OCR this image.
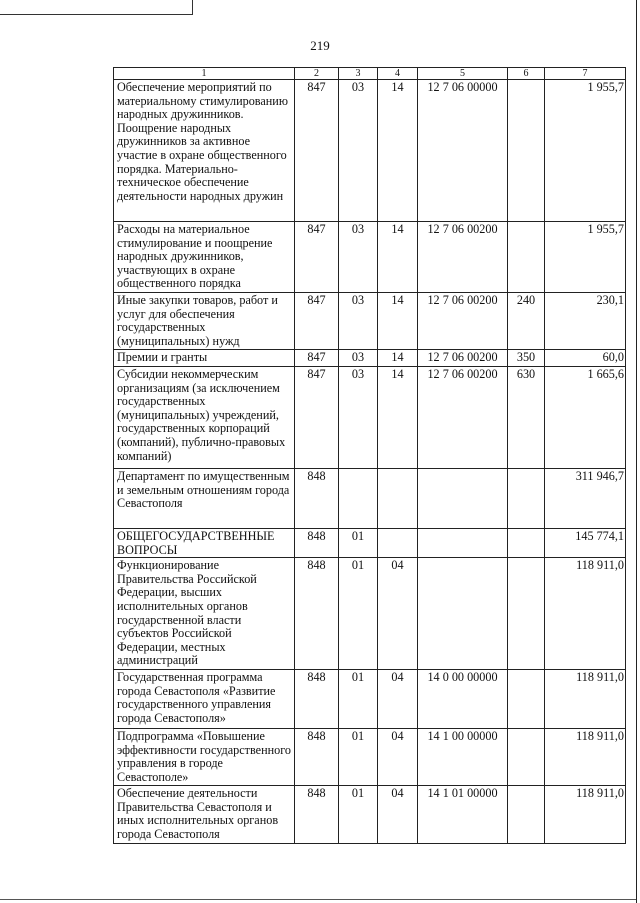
219
1	2	3	4	5	6	7
Обеспечение мероприятий по материальному стимулированию народных дружинников. Поощрение народных дружинников за активное участие в охране общественного порядка. Материально-техническое обеспечение деятельности народных дружин	847	03	14	12 7 06 00000		1 955,7
Расходы на материальное стимулирование и поощрение народных дружинников, участвующих в охране общественного порядка	847	03	14	12 7 06 00200		1 955,7
Иные закупки товаров, работ и услуг для обеспечения государственных (муниципальных) нужд	847	03	14	12 7 06 00200	240	230,1
Премии и гранты	847	03	14	12 7 06 00200	350	60,0
Субсидии некоммерческим организациям (за исключением государственных (муниципальных) учреждений, государственных корпораций (компаний), публично-правовых компаний)	847	03	14	12 7 06 00200	630	1 665,6
Департамент по имущественным и земельным отношениям города Севастополя	848					311 946,7
ОБЩЕГОСУДАРСТВЕННЫЕ ВОПРОСЫ	848	01				145 774,1
Функционирование Правительства Российской Федерации, высших исполнительных органов государственной власти субъектов Российской Федерации, местных администраций	848	01	04			118 911,0
Государственная программа города Севастополя «Развитие государственного управления города Севастополя»	848	01	04	14 0 00 00000		118 911,0
Подпрограмма «Повышение эффективности государственного управления в городе Севастополе»	848	01	04	14 1 00 00000		118 911,0
Обеспечение деятельности Правительства Севастополя и иных исполнительных органов города Севастополя	848	01	04	14 1 01 00000		118 911,0
